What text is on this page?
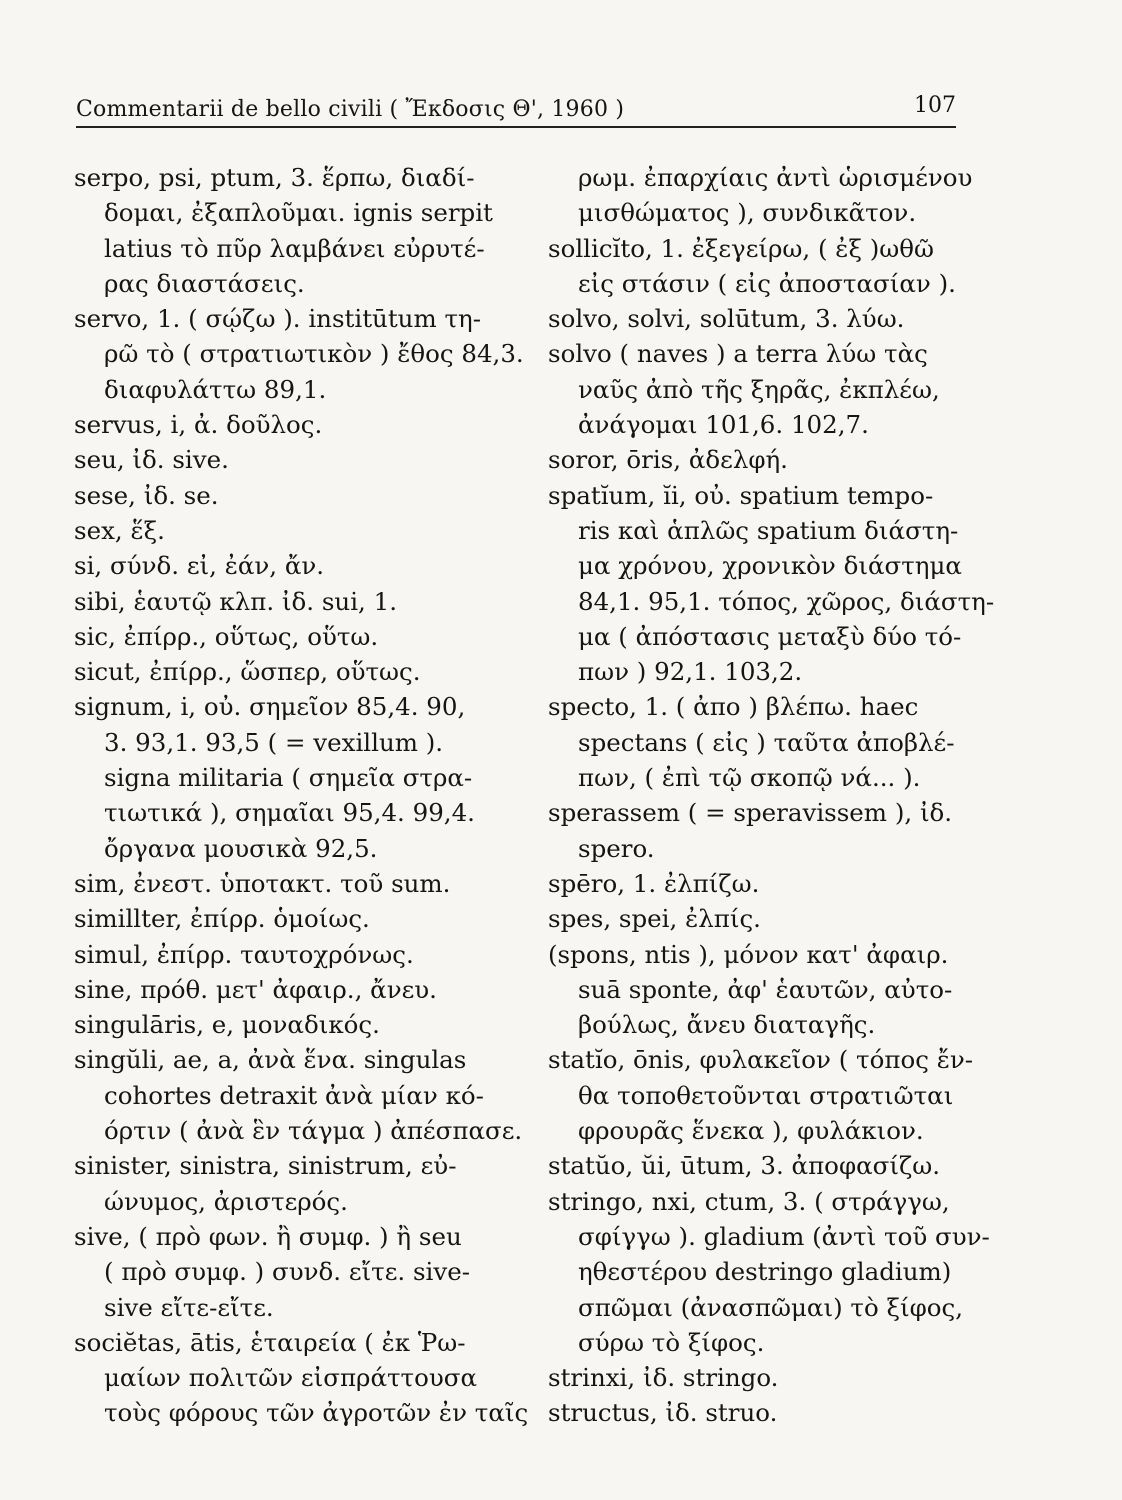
Commentarii de bello civili ( Ἔκδοσις Θ', 1960 )	107
serpo, psi, ptum, 3. ἕρπω, διαδί-
δομαι, ἐξαπλοῦμαι. ignis serpit
latius τὸ πῦρ λαμβάνει εὐρυτέ-
ρας διαστάσεις.
servo, 1. ( σῴζω ). institūtum τη-
ρῶ τὸ ( στρατιωτικὸν ) ἔθος 84,3.
διαφυλάττω 89,1.
servus, i, ἀ. δοῦλος.
seu, ἰδ. sive.
sese, ἰδ. se.
sex, ἕξ.
si, σύνδ. εἰ, ἐάν, ἄν.
sibi, ἑαυτῷ κλπ. ἰδ. sui, 1.
sic, ἐπίρρ., οὕτως, οὕτω.
sicut, ἐπίρρ., ὥσπερ, οὕτως.
signum, i, οὐ. σημεῖον 85,4. 90,
3. 93,1. 93,5 ( = vexillum ).
signa militaria ( σημεῖα στρα-
τιωτικά ), σημαῖαι 95,4. 99,4.
ὄργανα μουσικὰ 92,5.
sim, ἐνεστ. ὑποτακτ. τοῦ sum.
simillter, ἐπίρρ. ὁμοίως.
simul, ἐπίρρ. ταυτοχρόνως.
sine, πρόθ. μετ' ἀφαιρ., ἄνευ.
singulāris, e, μοναδικός.
singŭli, ae, a, ἀνὰ ἕνα. singulas
cohortes detraxit ἀνὰ μίαν κό-
όρτιν ( ἀνὰ ἓν τάγμα ) ἀπέσπασε.
sinister, sinistra, sinistrum, εὐ-
ώνυμος, ἀριστερός.
sive, ( πρὸ φων. ἢ συμφ. ) ἢ seu
( πρὸ συμφ. ) συνδ. εἴτε. sive-
sive εἴτε-εἴτε.
sociĕtas, ātis, ἑταιρεία ( ἐκ Ῥω-
μαίων πολιτῶν εἰσπράττουσα
τοὺς φόρους τῶν ἀγροτῶν ἐν ταῖς
ρωμ. ἐπαρχίαις ἀντὶ ὡρισμένου
μισθώματος ), συνδικᾶτον.
sollicĭto, 1. ἐξεγείρω, ( ἐξ )ωθῶ
εἰς στάσιν ( εἰς ἀποστασίαν ).
solvo, solvi, solūtum, 3. λύω.
solvo ( naves ) a terra λύω τὰς
ναῦς ἀπὸ τῆς ξηρᾶς, ἐκπλέω,
ἀνάγομαι 101,6. 102,7.
soror, ōris, ἀδελφή.
spatĭum, ĭi, οὐ. spatium tempo-
ris καὶ ἁπλῶς spatium διάστη-
μα χρόνου, χρονικὸν διάστημα
84,1. 95,1. τόπος, χῶρος, διάστη-
μα ( ἀπόστασις μεταξὺ δύο τό-
πων ) 92,1. 103,2.
specto, 1. ( ἀπο ) βλέπω. haec
spectans ( εἰς ) ταῦτα ἀποβλέ-
πων, ( ἐπὶ τῷ σκοπῷ νά... ).
sperassem ( = speravissem ), ἰδ.
spero.
spēro, 1. ἐλπίζω.
spes, spei, ἐλπίς.
(spons, ntis ), μόνον κατ' ἀφαιρ.
suā sponte, ἀφ' ἑαυτῶν, αὐτο-
βούλως, ἄνευ διαταγῆς.
statĭo, ōnis, φυλακεῖον ( τόπος ἔν-
θα τοποθετοῦνται στρατιῶται
φρουρᾶς ἕνεκα ), φυλάκιον.
statŭo, ŭi, ūtum, 3. ἀποφασίζω.
stringo, nxi, ctum, 3. ( στράγγω,
σφίγγω ). gladium (ἀντὶ τοῦ συν-
ηθεστέρου destringo gladium)
σπῶμαι (ἀνασπῶμαι) τὸ ξίφος,
σύρω τὸ ξίφος.
strinxi, ἰδ. stringo.
structus, ἰδ. struo.
